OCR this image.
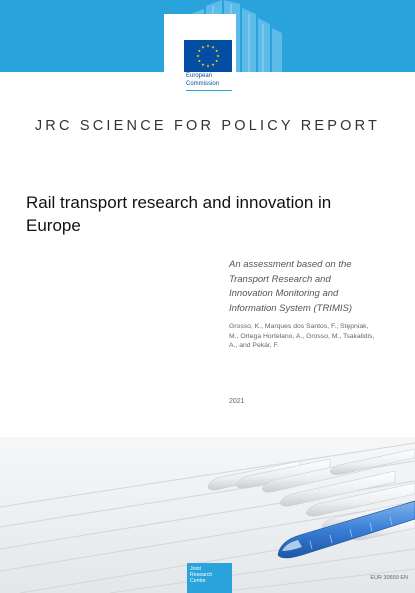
European
Commission
JRC SCIENCE FOR POLICY REPORT
Rail transport research and innovation in
Europe
An assessment based on the
Transport Research and
Innovation Monitoring and
Information System (TRIMIS)
Grosso, K., Marques dos Santos, F., Stępniak,
M., Ortega Hortelano, A., Grosso, M., Tsakalidis,
A., and Pekár, F.
2021
Joint
Research
Centre
EUR 30659 EN
